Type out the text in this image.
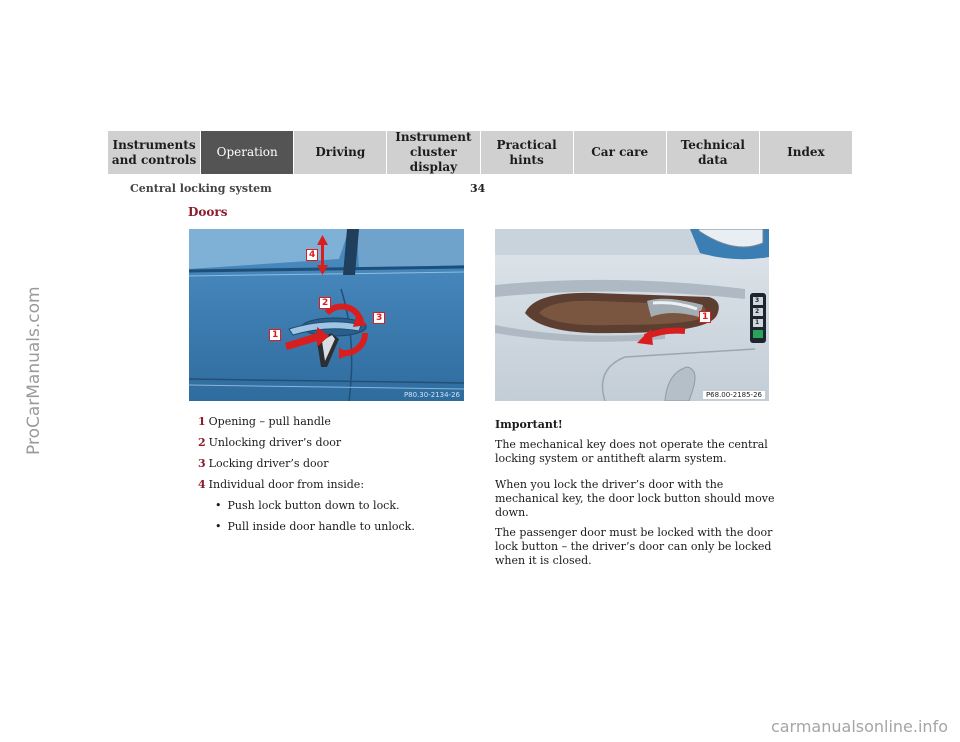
ProCarManuals.com
carmanualsonline.info
Instruments
and controls
Operation	Driving
Instrument
cluster display
Practical hints
Car care
Technical
data
Index
Central locking system	34
Doors
4
2
3
1
P80.30-2134-26
3
2
1
1
P68.00-2185-26
1 Opening – pull handle
2 Unlocking driver’s door
3 Locking driver’s door
4 Individual door from inside:
• Push lock button down to lock.
• Pull inside door handle to unlock.
Important!

The mechanical key does not operate the central locking system or antitheft alarm system.

When you lock the driver’s door with the mechanical key, the door lock button should move down.

The passenger door must be locked with the door lock button – the driver’s door can only be locked when it is closed.
